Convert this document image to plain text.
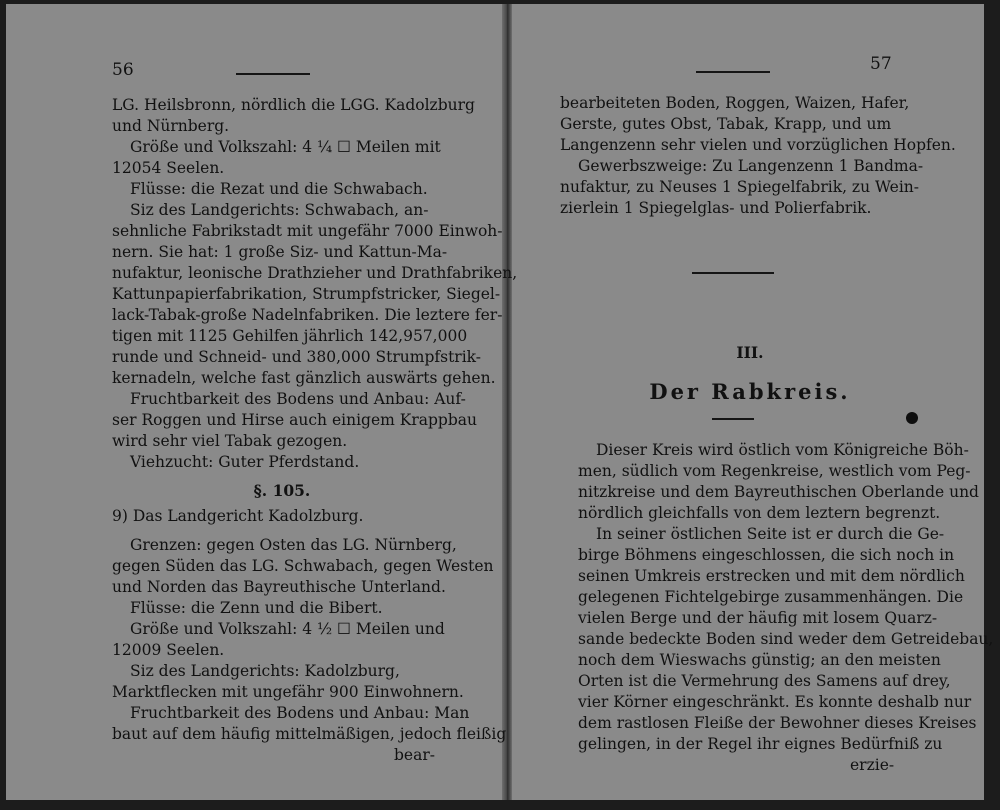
56
LG. Heilsbronn, nördlich die LGG. Kadolzburg
und Nürnberg.
Größe und Volkszahl: 4 ¼ ☐ Meilen mit
12054 Seelen.
Flüsse: die Rezat und die Schwabach.
Siz des Landgerichts: Schwabach, an-
sehnliche Fabrikstadt mit ungefähr 7000 Einwoh-
nern. Sie hat: 1 große Siz- und Kattun-Ma-
nufaktur, leonische Drathzieher und Drathfabriken,
Kattunpapierfabrikation, Strumpfstricker, Siegel-
lack-Tabak-große Nadelnfabriken. Die leztere fer-
tigen mit 1125 Gehilfen jährlich 142,957,000
runde und Schneid- und 380,000 Strumpfstrik-
kernadeln, welche fast gänzlich auswärts gehen.
Fruchtbarkeit des Bodens und Anbau: Auf-
ser Roggen und Hirse auch einigem Krappbau
wird sehr viel Tabak gezogen.
Viehzucht: Guter Pferdstand.
§. 105.
9) Das Landgericht Kadolzburg.
Grenzen: gegen Osten das LG. Nürnberg,
gegen Süden das LG. Schwabach, gegen Westen
und Norden das Bayreuthische Unterland.
Flüsse: die Zenn und die Bibert.
Größe und Volkszahl: 4 ½ ☐ Meilen und
12009 Seelen.
Siz des Landgerichts: Kadolzburg,
Marktflecken mit ungefähr 900 Einwohnern.
Fruchtbarkeit des Bodens und Anbau: Man
baut auf dem häufig mittelmäßigen, jedoch fleißig
bear-
57
bearbeiteten Boden, Roggen, Waizen, Hafer,
Gerste, gutes Obst, Tabak, Krapp, und um
Langenzenn sehr vielen und vorzüglichen Hopfen.
Gewerbszweige: Zu Langenzenn 1 Bandma-
nufaktur, zu Neuses 1 Spiegelfabrik, zu Wein-
zierlein 1 Spiegelglas- und Polierfabrik.
III.
Der Rabkreis.
Dieser Kreis wird östlich vom Königreiche Böh-
men, südlich vom Regenkreise, westlich vom Peg-
nitzkreise und dem Bayreuthischen Oberlande und
nördlich gleichfalls von dem leztern begrenzt.
In seiner östlichen Seite ist er durch die Ge-
birge Böhmens eingeschlossen, die sich noch in
seinen Umkreis erstrecken und mit dem nördlich
gelegenen Fichtelgebirge zusammenhängen. Die
vielen Berge und der häufig mit losem Quarz-
sande bedeckte Boden sind weder dem Getreidebau,
noch dem Wieswachs günstig; an den meisten
Orten ist die Vermehrung des Samens auf drey,
vier Körner eingeschränkt. Es konnte deshalb nur
dem rastlosen Fleiße der Bewohner dieses Kreises
gelingen, in der Regel ihr eignes Bedürfniß zu
erzie-
